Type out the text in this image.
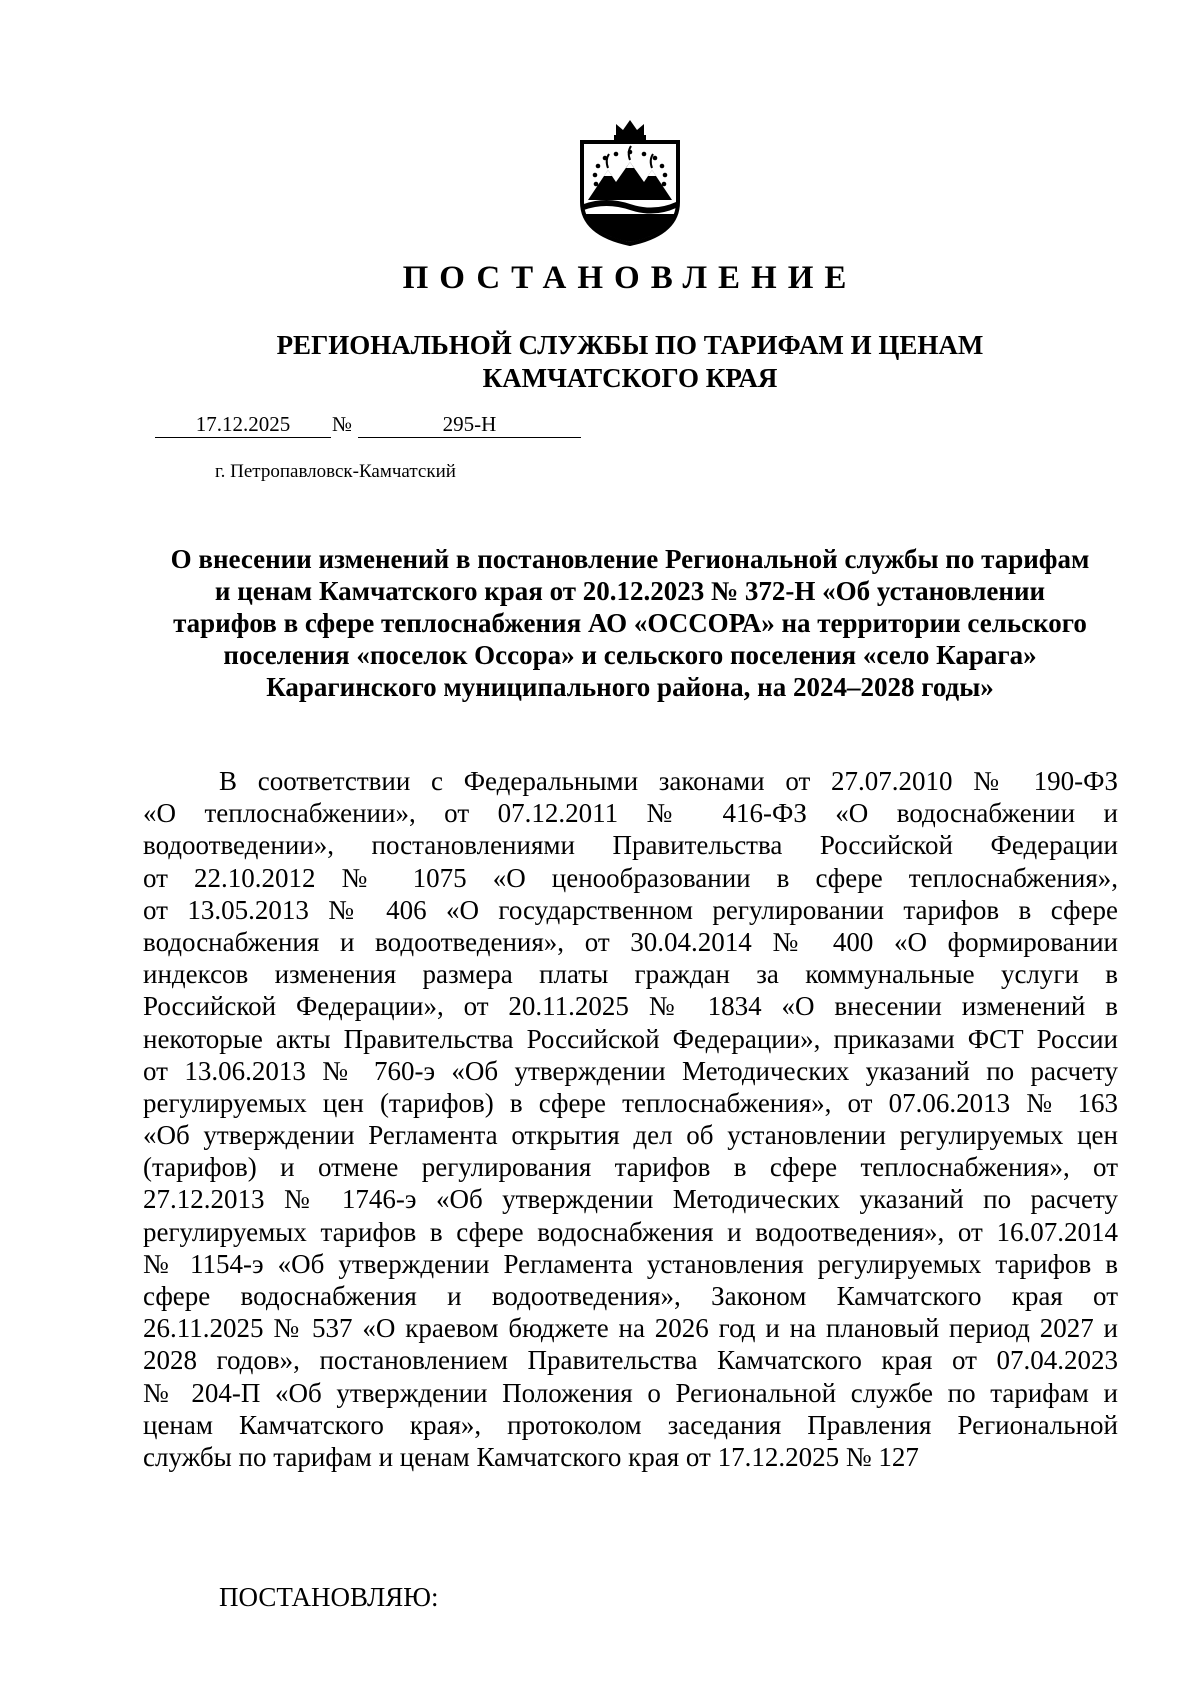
ПОСТАНОВЛЕНИЕ
РЕГИОНАЛЬНОЙ СЛУЖБЫ ПО ТАРИФАМ И ЦЕНАМ
КАМЧАТСКОГО КРАЯ
17.12.2025	№	295-Н
г. Петропавловск-Камчатский
О внесении изменений в постановление Региональной службы по тарифам
и ценам Камчатского края от 20.12.2023 № 372-Н «Об установлении
тарифов в сфере теплоснабжения АО «ОССОРА» на территории сельского
поселения «поселок Оссора» и сельского поселения «село Карага»
Карагинского муниципального района, на 2024–2028 годы»
В соответствии с Федеральными законами от 27.07.2010 № 190-ФЗ
«О теплоснабжении», от 07.12.2011 № 416-ФЗ «О водоснабжении и
водоотведении», постановлениями Правительства Российской Федерации
от 22.10.2012 № 1075 «О ценообразовании в сфере теплоснабжения»,
от 13.05.2013 № 406 «О государственном регулировании тарифов в сфере
водоснабжения и водоотведения», от 30.04.2014 № 400 «О формировании
индексов изменения размера платы граждан за коммунальные услуги в
Российской Федерации», от 20.11.2025 № 1834 «О внесении изменений в
некоторые акты Правительства Российской Федерации», приказами ФСТ России
от 13.06.2013 № 760-э «Об утверждении Методических указаний по расчету
регулируемых цен (тарифов) в сфере теплоснабжения», от 07.06.2013 № 163
«Об утверждении Регламента открытия дел об установлении регулируемых цен
(тарифов) и отмене регулирования тарифов в сфере теплоснабжения», от
27.12.2013 № 1746-э «Об утверждении Методических указаний по расчету
регулируемых тарифов в сфере водоснабжения и водоотведения», от 16.07.2014
№ 1154-э «Об утверждении Регламента установления регулируемых тарифов в
сфере водоснабжения и водоотведения», Законом Камчатского края от
26.11.2025 № 537 «О краевом бюджете на 2026 год и на плановый период 2027 и
2028 годов», постановлением Правительства Камчатского края от 07.04.2023
№ 204-П «Об утверждении Положения о Региональной службе по тарифам и
ценам Камчатского края», протоколом заседания Правления Региональной
службы по тарифам и ценам Камчатского края от 17.12.2025 № 127
ПОСТАНОВЛЯЮ:
